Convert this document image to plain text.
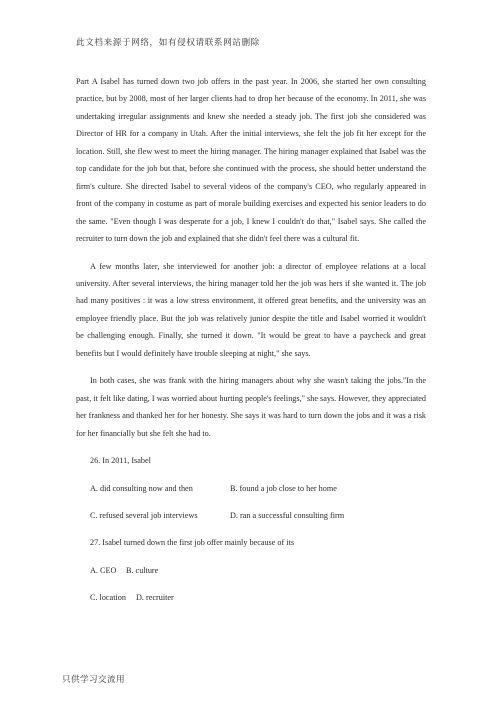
此文档来源于网络，如有侵权请联系网站删除

Part A Isabel has turned down two job offers in the past year. In 2006, she started her own consulting practice, but by 2008, most of her larger clients had to drop her because of the economy. In 2011, she was undertaking irregular assignments and knew she needed a steady job. The first job she considered was Director of HR for a company in Utah. After the initial interviews, she felt the job fit her except for the location. Still, she flew west to meet the hiring manager. The hiring manager explained that Isabel was the top candidate for the job but that, before she continued with the process, she should better understand the firm's culture. She directed Isabel to several videos of the company's CEO, who regularly appeared in front of the company in costume as part of morale building exercises and expected his senior leaders to do the same. "Even though I was desperate for a job, I knew I couldn't do that," Isabel says. She called the recruiter to turn down the job and explained that she didn't feel there was a cultural fit.

A few months later, she interviewed for another job: a director of employee relations at a local university. After several interviews, the hiring manager told her the job was hers if she wanted it. The job had many positives : it was a low stress environment, it offered great benefits, and the university was an employee friendly place. But the job was relatively junior despite the title and Isabel worried it wouldn't be challenging enough. Finally, she turned it down. "It would be great to have a paycheck and great benefits but I would definitely have trouble sleeping at night," she says.

In both cases, she was frank with the hiring managers about why she wasn't taking the jobs."In the past, it felt like dating, I was worried about hurting people's feelings," she says. However, they appreciated her frankness and thanked her for her honesty. She says it was hard to turn down the jobs and it was a risk for her financially but she felt she had to.

26. In 2011, Isabel

A. did consulting now and then	B. found a job close to her home
C. refused several job interviews	D. ran a successful consulting firm

27. Isabel turned down the first job offer mainly because of its

A. CEO	B. culture
C. location	D. recruiter
只供学习交流用
